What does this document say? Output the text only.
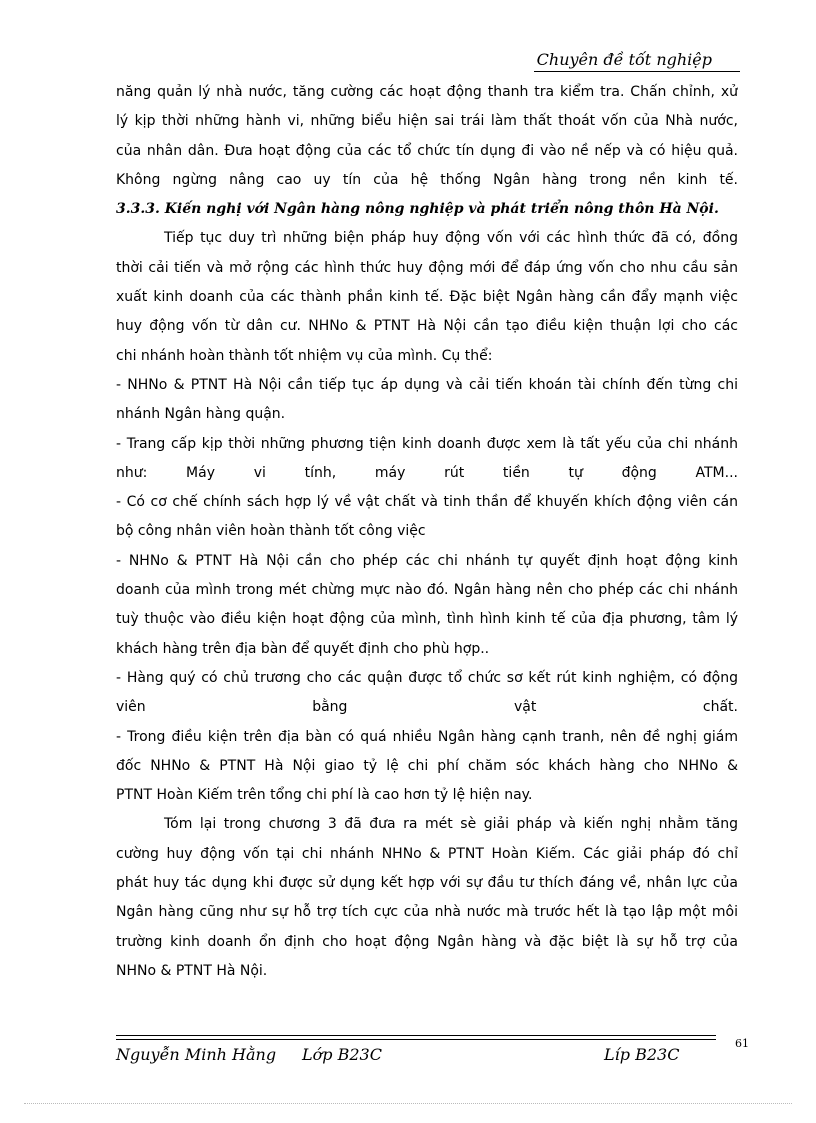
Chuyên đề tốt nghiệp
năng quản lý nhà nước, tăng cường các hoạt động thanh tra kiểm tra. Chấn chỉnh, xử
lý kịp thời những hành vi, những biểu hiện sai trái làm thất thoát vốn của Nhà nước,
của nhân dân. Đưa hoạt động của các tổ chức tín dụng đi vào nề nếp và có hiệu quả.
Không ngừng nâng cao uy tín của hệ thống Ngân hàng trong nền kinh tế.
3.3.3. Kiến nghị với Ngân hàng nông nghiệp và phát triển nông thôn Hà Nội.
Tiếp tục duy trì những biện pháp huy động vốn với các hình thức đã có, đồng
thời cải tiến và mở rộng các hình thức huy động mới để đáp ứng vốn cho nhu cầu sản
xuất kinh doanh của các thành phần kinh tế. Đặc biệt Ngân hàng cần đẩy mạnh việc
huy động vốn từ dân cư. NHNo & PTNT Hà Nội cần tạo điều kiện thuận lợi cho các
chi nhánh hoàn thành tốt nhiệm vụ của mình. Cụ thể:
- NHNo & PTNT Hà Nội cần tiếp tục áp dụng và cải tiến khoán tài chính đến từng chi
nhánh Ngân hàng quận.
- Trang cấp kịp thời những phương tiện kinh doanh được xem là tất yếu của chi nhánh
như: Máy vi tính, máy rút tiền tự động ATM...
- Có cơ chế chính sách hợp lý về vật chất và tinh thần để khuyến khích động viên cán
bộ công nhân viên hoàn thành tốt công việc
- NHNo & PTNT Hà Nội cần cho phép các chi nhánh tự quyết định hoạt động kinh
doanh của mình trong mét chừng mực nào đó. Ngân hàng nên cho phép các chi nhánh
tuỳ thuộc vào điều kiện hoạt động của mình, tình hình kinh tế của địa phương, tâm lý
khách hàng trên địa bàn để quyết định cho phù hợp..
- Hàng quý có chủ trương cho các quận được tổ chức sơ kết rút kinh nghiệm, có động
viên bằng vật chất.
- Trong điều kiện trên địa bàn có quá nhiều Ngân hàng cạnh tranh, nên đề nghị giám
đốc NHNo & PTNT Hà Nội giao tỷ lệ chi phí chăm sóc khách hàng cho NHNo &
PTNT Hoàn Kiếm trên tổng chi phí là cao hơn tỷ lệ hiện nay.
Tóm lại trong chương 3 đã đưa ra mét sè giải pháp và kiến nghị nhằm tăng
cường huy động vốn tại chi nhánh NHNo & PTNT Hoàn Kiếm. Các giải pháp đó chỉ
phát huy tác dụng khi được sử dụng kết hợp với sự đầu tư thích đáng về, nhân lực của
Ngân hàng cũng như sự hỗ trợ tích cực của nhà nước mà trước hết là tạo lập một môi
trường kinh doanh ổn định cho hoạt động Ngân hàng và đặc biệt là sự hỗ trợ của
NHNo & PTNT Hà Nội.
Nguyễn Minh Hằng Lớp B23C	Líp B23C
61
